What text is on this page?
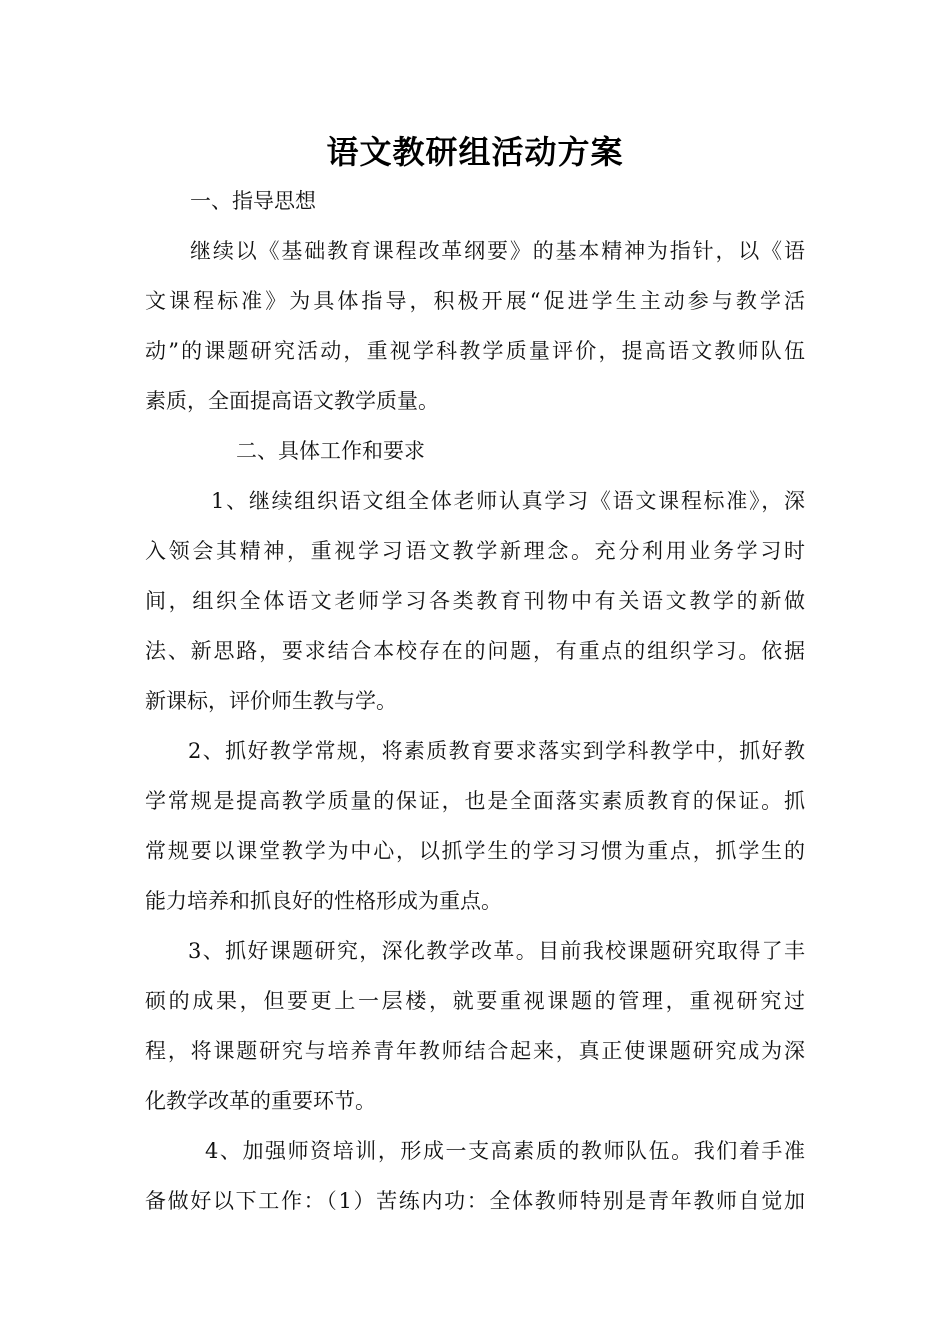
语文教研组活动方案
一、指导思想
继续以《基础教育课程改革纲要》的基本精神为指针，以《语
文课程标准》为具体指导，积极开展“促进学生主动参与教学活
动”的课题研究活动，重视学科教学质量评价，提高语文教师队伍
素质，全面提高语文教学质量。
二、具体工作和要求
1、继续组织语文组全体老师认真学习《语文课程标准》，深
入领会其精神，重视学习语文教学新理念。充分利用业务学习时
间，组织全体语文老师学习各类教育刊物中有关语文教学的新做
法、新思路，要求结合本校存在的问题，有重点的组织学习。依据
新课标，评价师生教与学。
2、抓好教学常规，将素质教育要求落实到学科教学中，抓好教
学常规是提高教学质量的保证，也是全面落实素质教育的保证。抓
常规要以课堂教学为中心，以抓学生的学习习惯为重点，抓学生的
能力培养和抓良好的性格形成为重点。
3、抓好课题研究，深化教学改革。目前我校课题研究取得了丰
硕的成果，但要更上一层楼，就要重视课题的管理，重视研究过
程，将课题研究与培养青年教师结合起来，真正使课题研究成为深
化教学改革的重要环节。
4、加强师资培训，形成一支高素质的教师队伍。我们着手准
备做好以下工作：（1）苦练内功：全体教师特别是青年教师自觉加
